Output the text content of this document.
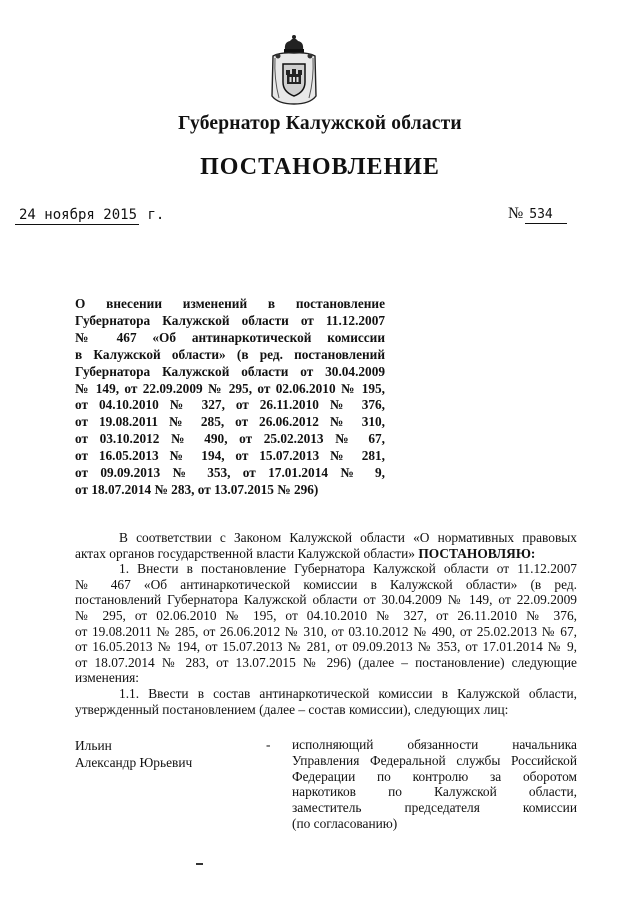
Губернатор Калужской области
ПОСТАНОВЛЕНИЕ
24 ноября 2015 г.	№ 534
О внесении изменений в постановление
Губернатора Калужской области от 11.12.2007
№ 467 «Об антинаркотической комиссии
в Калужской области» (в ред. постановлений
Губернатора Калужской области от 30.04.2009
№ 149, от 22.09.2009 № 295, от 02.06.2010 № 195,
от 04.10.2010 № 327, от 26.11.2010 № 376,
от 19.08.2011 № 285, от 26.06.2012 № 310,
от 03.10.2012 № 490, от 25.02.2013 № 67,
от 16.05.2013 № 194, от 15.07.2013 № 281,
от 09.09.2013 № 353, от 17.01.2014 № 9,
от 18.07.2014 № 283, от 13.07.2015 № 296)
В соответствии с Законом Калужской области «О нормативных правовых
актах органов государственной власти Калужской области» ПОСТАНОВЛЯЮ:
1. Внести в постановление Губернатора Калужской области от 11.12.2007
№ 467 «Об антинаркотической комиссии в Калужской области» (в ред.
постановлений Губернатора Калужской области от 30.04.2009 № 149, от 22.09.2009
№ 295, от 02.06.2010 № 195, от 04.10.2010 № 327, от 26.11.2010 № 376,
от 19.08.2011 № 285, от 26.06.2012 № 310, от 03.10.2012 № 490, от 25.02.2013 № 67,
от 16.05.2013 № 194, от 15.07.2013 № 281, от 09.09.2013 № 353, от 17.01.2014 № 9,
от 18.07.2014 № 283, от 13.07.2015 № 296) (далее – постановление) следующие
изменения:
1.1. Ввести в состав антинаркотической комиссии в Калужской области,
утвержденный постановлением (далее – состав комиссии), следующих лиц:
Ильин
Александр Юрьевич
- исполняющий обязанности начальника
Управления Федеральной службы Российской
Федерации по контролю за оборотом
наркотиков по Калужской области,
заместитель председателя комиссии
(по согласованию)
